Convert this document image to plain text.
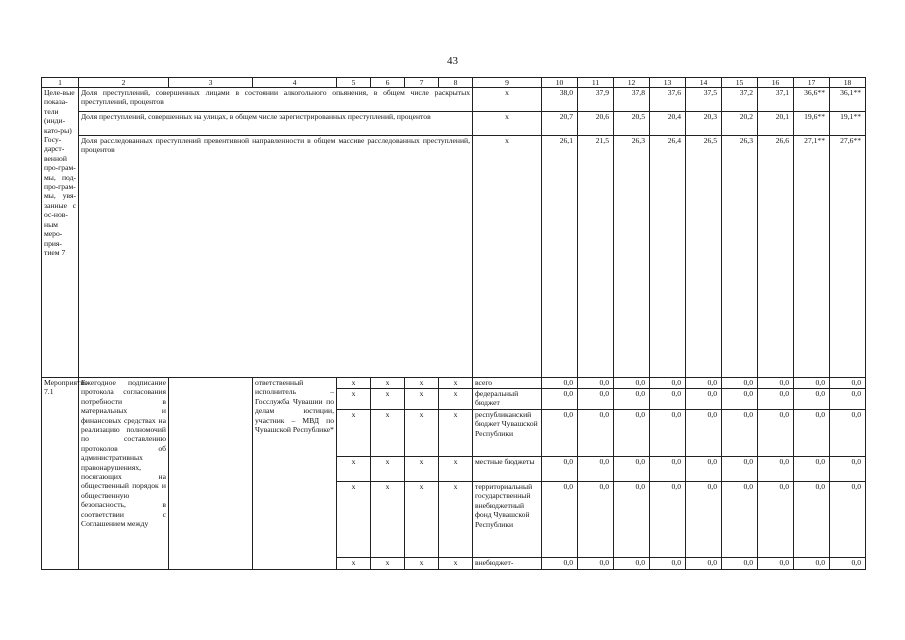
43
1	2	3	4	5	6	7	8	9	10	11	12	13	14	15	16	17	18
Целе-вые показа-тели (инди-като-ры) Госу-дарст-венной про-грам-мы, под-про-грам-мы, увя-занные с ос-нов-ным меро-прия-тием 7	Доля преступлений, совершенных лицами в состоянии алкогольного опьянения, в общем числе раскрытых преступлений, процентов							x	38,0	37,9	37,8	37,6	37,5	37,2	37,1	36,6**	36,1**
	Доля преступлений, совершенных на улицах, в общем числе зарегистрированных преступлений, процентов							x	20,7	20,6	20,5	20,4	20,3	20,2	20,1	19,6**	19,1**
	Доля расследованных преступлений превентивной направленности в общем массиве расследованных преступлений, процентов							x	26,1	21,5	26,3	26,4	26,5	26,3	26,6	27,1**	27,6**
Мероприятие 7.1	Ежегодное подписание протокола согласования потребности в материальных и финансовых средствах на реализацию полномочий по составлению протоколов об административных правонарушениях, посягающих на общественный порядок и общественную безопасность, в соответствии с Соглашением между		ответственный исполнитель – Госслужба Чувашии по делам юстиции, участник – МВД по Чувашской Республике*	x	x	x	x	всего	0,0	0,0	0,0	0,0	0,0	0,0	0,0	0,0	0,0
				x	x	x	x	федеральный бюджет	0,0	0,0	0,0	0,0	0,0	0,0	0,0	0,0	0,0
				x	x	x	x	республиканский бюджет Чувашской Республики	0,0	0,0	0,0	0,0	0,0	0,0	0,0	0,0	0,0
				x	x	x	x	местные бюджеты	0,0	0,0	0,0	0,0	0,0	0,0	0,0	0,0	0,0
				x	x	x	x	территориальный государственный внебюджетный фонд Чувашской Республики	0,0	0,0	0,0	0,0	0,0	0,0	0,0	0,0	0,0
				x	x	x	x	внебюджет-	0,0	0,0	0,0	0,0	0,0	0,0	0,0	0,0	0,0
